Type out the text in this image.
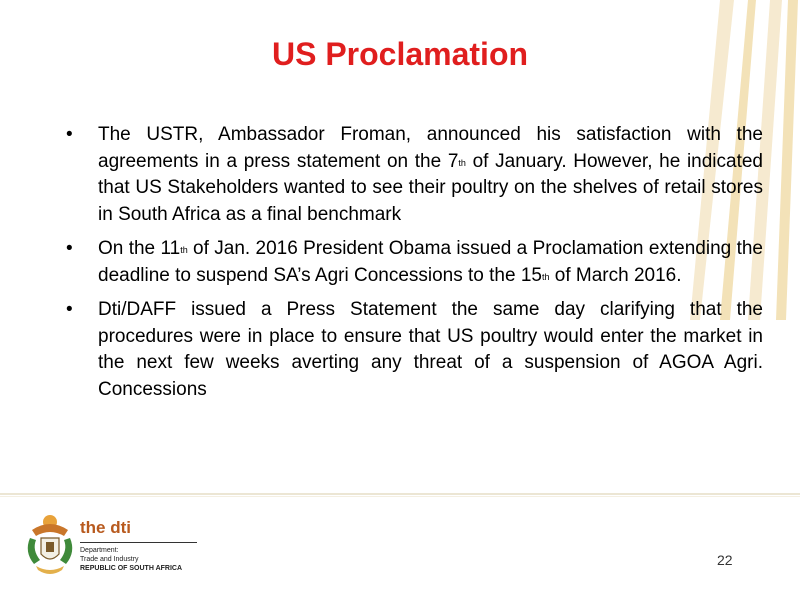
US Proclamation
• The USTR, Ambassador Froman, announced his satisfaction with the agreements in a press statement on the 7th of January. However, he indicated that US Stakeholders wanted to see their poultry on the shelves of retail stores in South Africa as a final benchmark
• On the 11th of Jan. 2016 President Obama issued a Proclamation extending the deadline to suspend SA’s Agri Concessions to the 15th of March 2016.
• Dti/DAFF issued a Press Statement the same day clarifying that the procedures were in place to ensure that US poultry would enter the market in the next few weeks averting any threat of a suspension of AGOA Agri. Concessions
the dti
Department:
Trade and Industry
REPUBLIC OF SOUTH AFRICA
22
